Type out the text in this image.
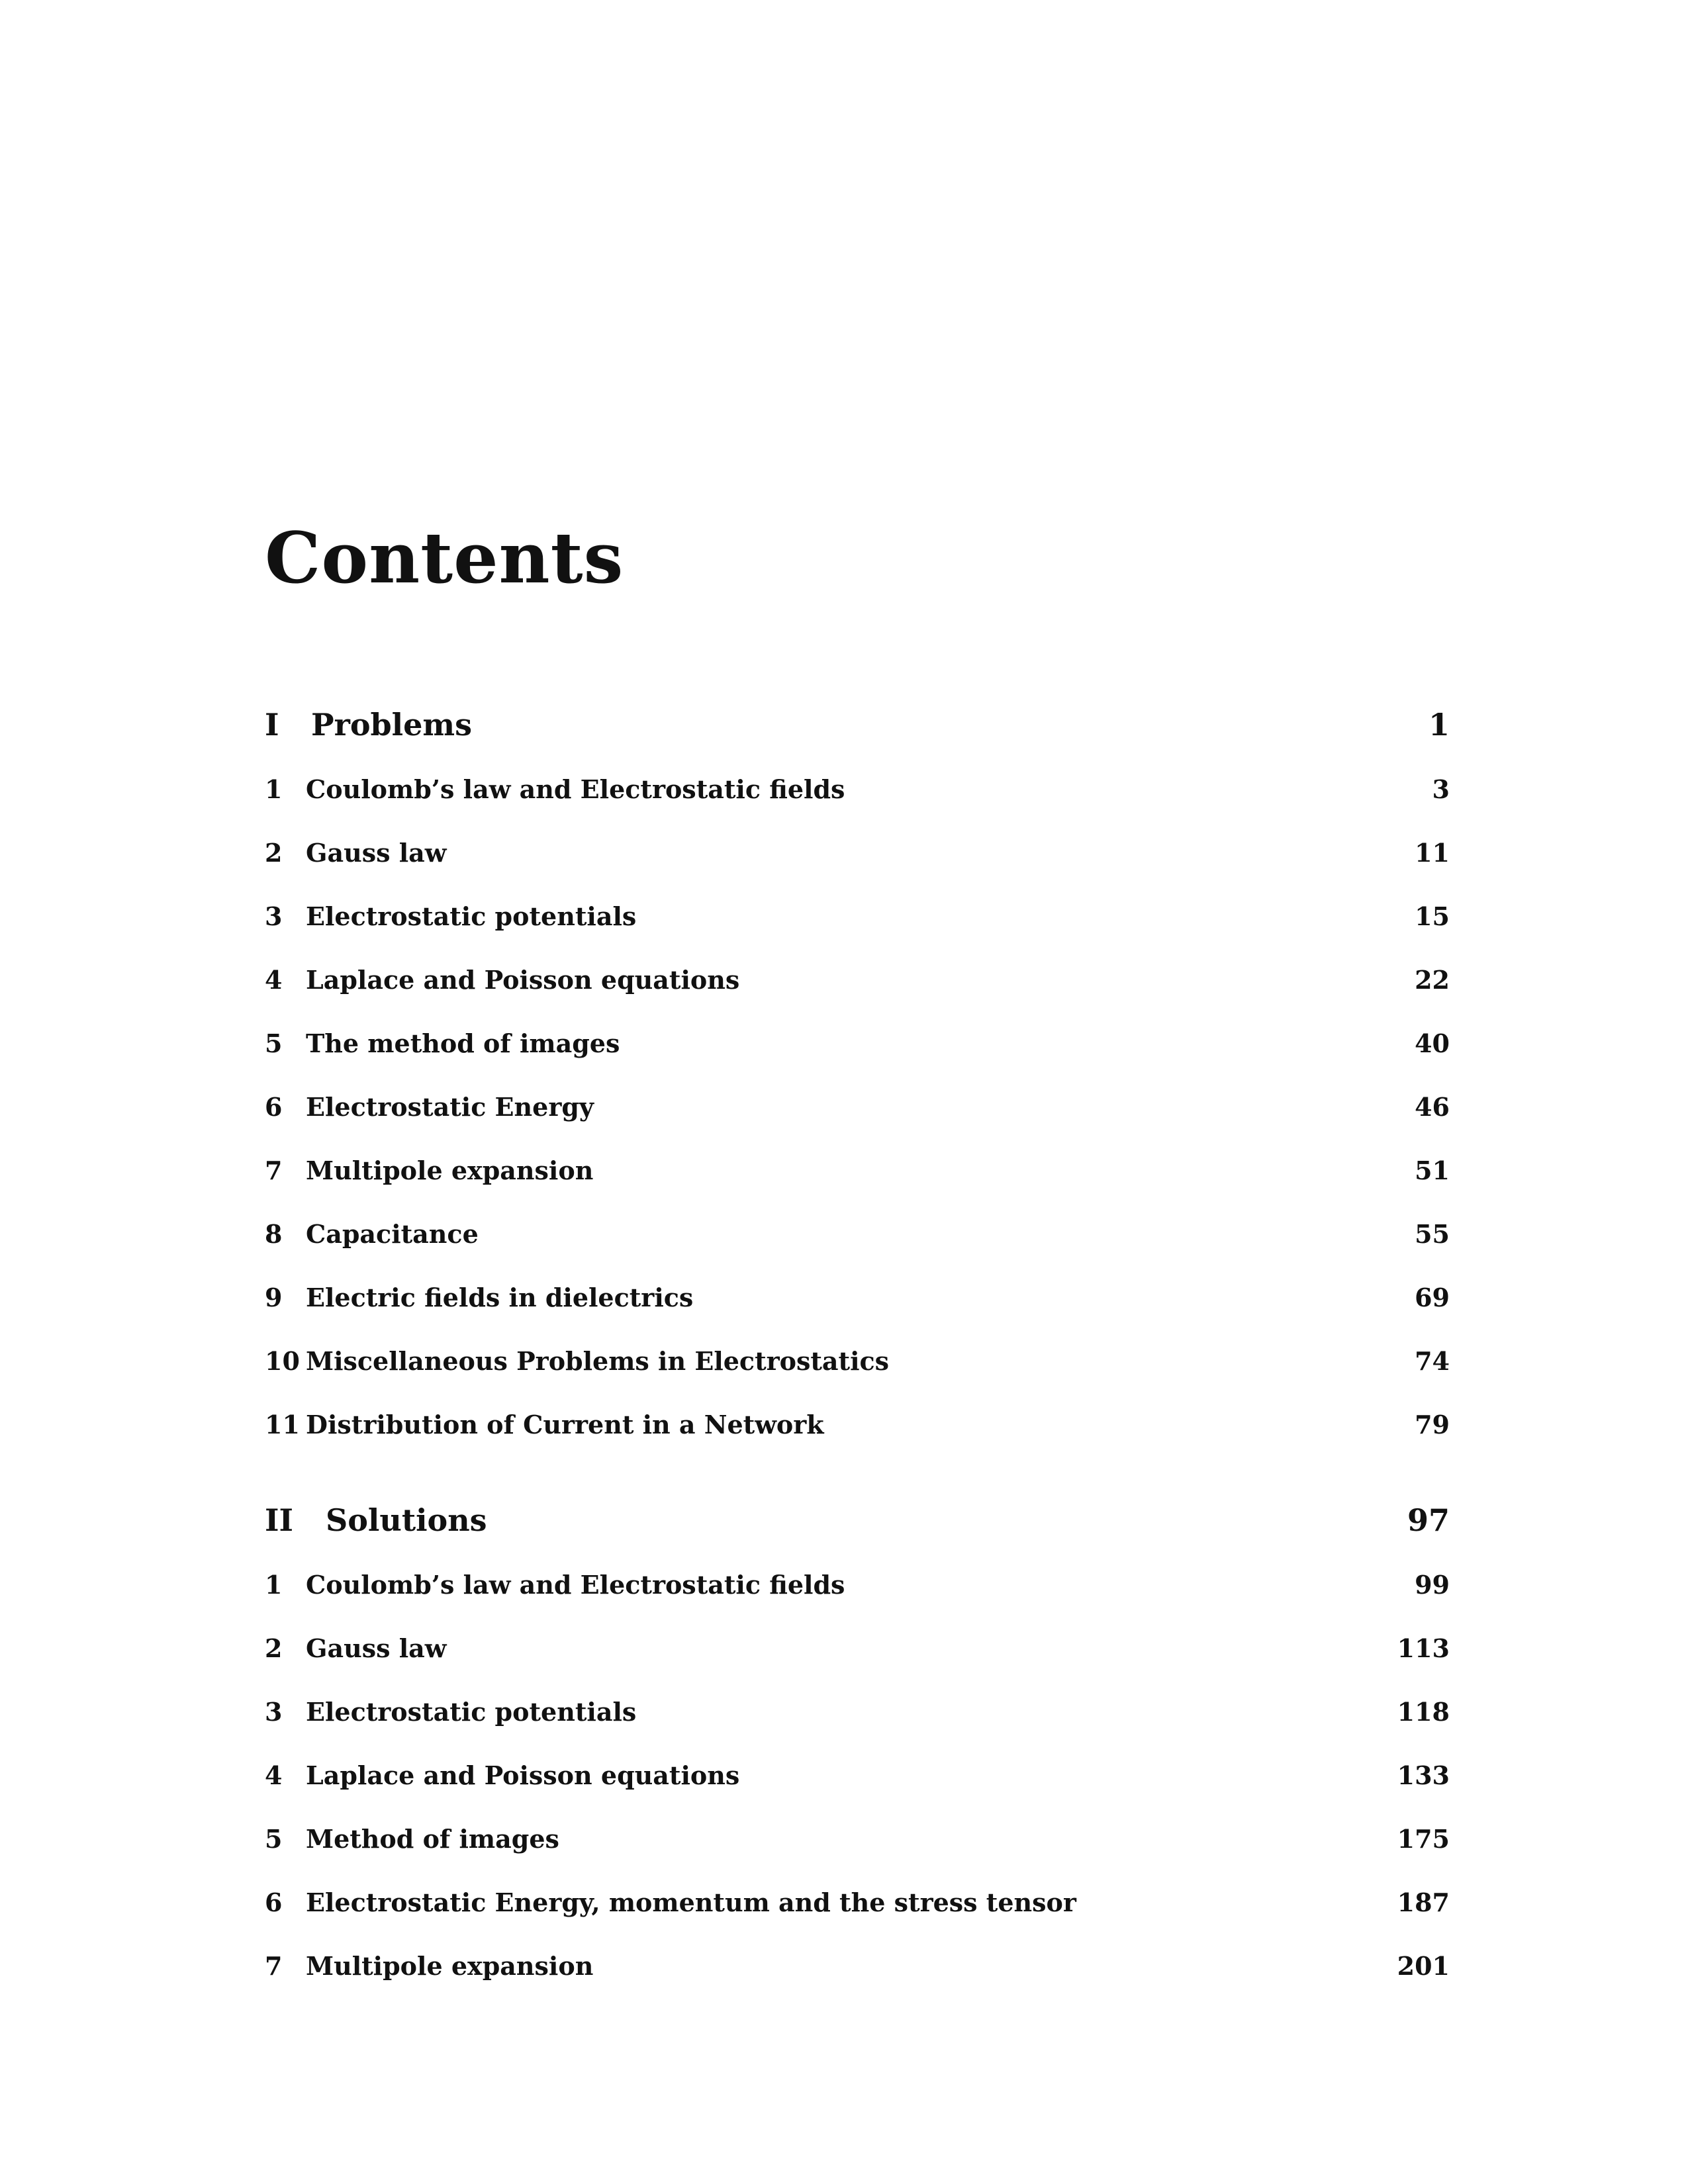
Contents
I	Problems	1
1 Coulomb’s law and Electrostatic fields	3
2 Gauss law	11
3 Electrostatic potentials	15
4 Laplace and Poisson equations	22
5 The method of images	40
6 Electrostatic Energy	46
7 Multipole expansion	51
8 Capacitance	55
9 Electric fields in dielectrics	69
10 Miscellaneous Problems in Electrostatics	74
11 Distribution of Current in a Network	79
II	Solutions	97
1 Coulomb’s law and Electrostatic fields	99
2 Gauss law	113
3 Electrostatic potentials	118
4 Laplace and Poisson equations	133
5 Method of images	175
6 Electrostatic Energy, momentum and the stress tensor	187
7 Multipole expansion	201
